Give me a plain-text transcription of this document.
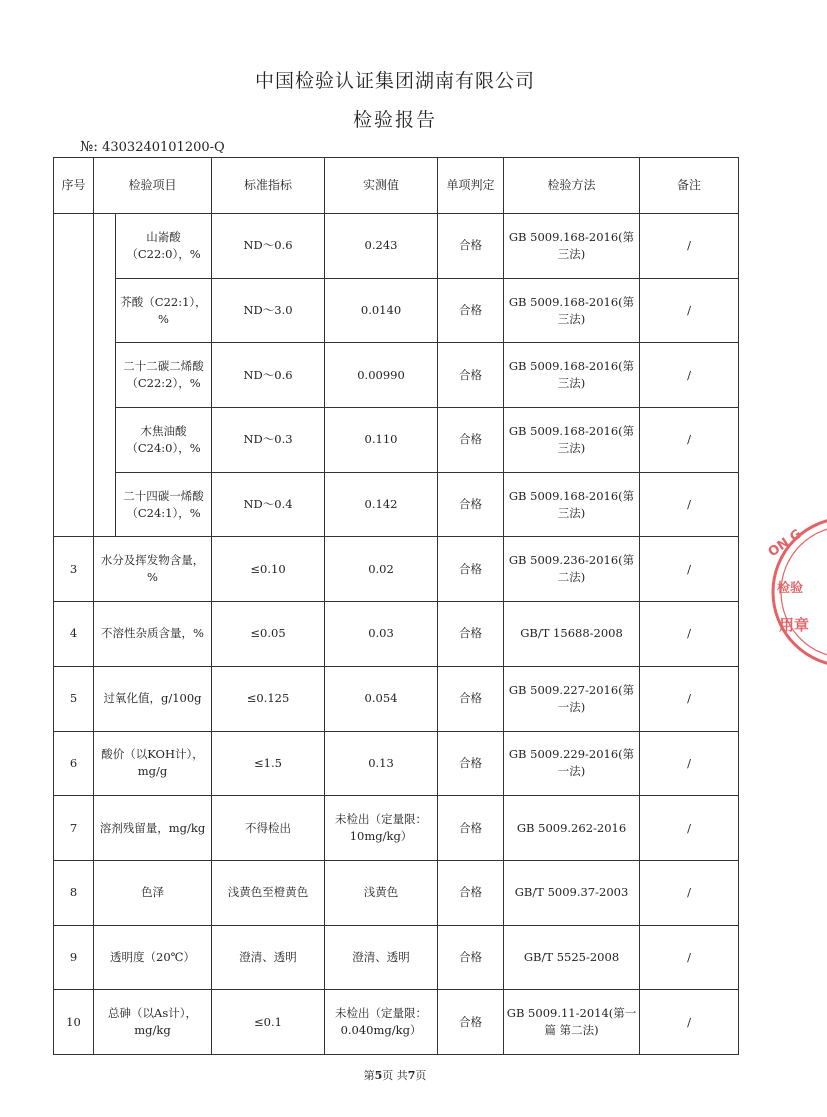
中国检验认证集团湖南有限公司
检验报告
№: 4303240101200-Q
序号	检验项目		标准指标	实测值	单项判定	检验方法	备注
		山嵛酸（C22:0），%	ND～0.6	0.243	合格	GB 5009.168-2016(第三法)	/
		芥酸（C22:1），%	ND～3.0	0.0140	合格	GB 5009.168-2016(第三法)	/
		二十二碳二烯酸（C22:2），%	ND～0.6	0.00990	合格	GB 5009.168-2016(第三法)	/
		木焦油酸（C24:0），%	ND～0.3	0.110	合格	GB 5009.168-2016(第三法)	/
		二十四碳一烯酸（C24:1），%	ND～0.4	0.142	合格	GB 5009.168-2016(第三法)	/
3	水分及挥发物含量，%		≤0.10	0.02	合格	GB 5009.236-2016(第二法)	/
4	不溶性杂质含量，%		≤0.05	0.03	合格	GB/T 15688-2008	/
5	过氧化值，g/100g		≤0.125	0.054	合格	GB 5009.227-2016(第一法)	/
6	酸价（以KOH计），mg/g		≤1.5	0.13	合格	GB 5009.229-2016(第一法)	/
7	溶剂残留量，mg/kg		不得检出	未检出（定量限：10mg/kg）	合格	GB 5009.262-2016	/
8	色泽		浅黄色至橙黄色	浅黄色	合格	GB/T 5009.37-2003	/
9	透明度（20℃）		澄清、透明	澄清、透明	合格	GB/T 5525-2008	/
10	总砷（以As计），mg/kg		≤0.1	未检出（定量限：0.040mg/kg）	合格	GB 5009.11-2014(第一篇 第二法)	/
ON G
检验
用章
第5页 共7页
